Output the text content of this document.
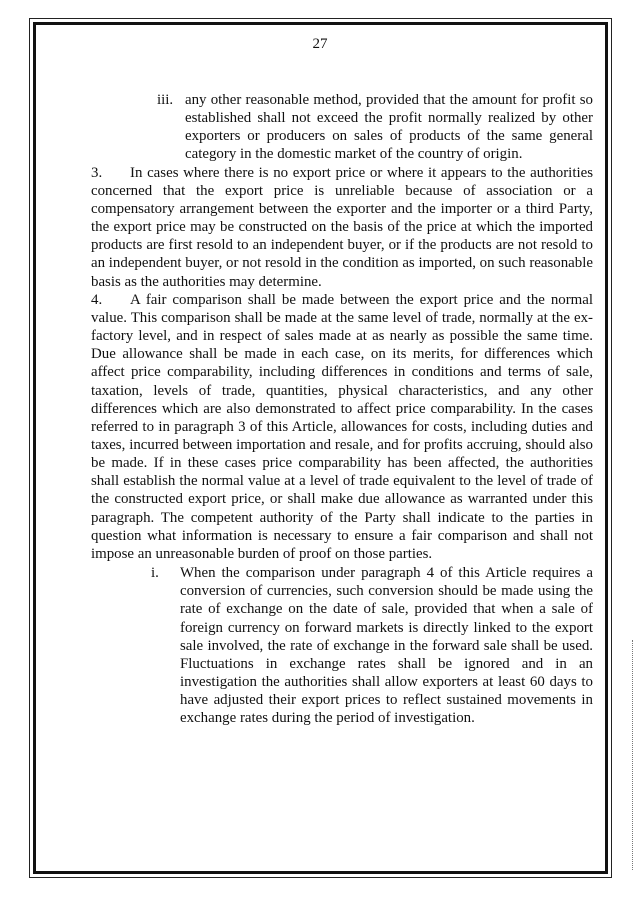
27

iii. any other reasonable method, provided that the amount for profit so established shall not exceed the profit normally realized by other exporters or producers on sales of products of the same general category in the domestic market of the country of origin.

3. In cases where there is no export price or where it appears to the authorities concerned that the export price is unreliable because of association or a compensatory arrangement between the exporter and the importer or a third Party, the export price may be constructed on the basis of the price at which the imported products are first resold to an independent buyer, or if the products are not resold to an independent buyer, or not resold in the condition as imported, on such reasonable basis as the authorities may determine.

4. A fair comparison shall be made between the export price and the normal value. This comparison shall be made at the same level of trade, normally at the ex-factory level, and in respect of sales made at as nearly as possible the same time. Due allowance shall be made in each case, on its merits, for differences which affect price comparability, including differences in conditions and terms of sale, taxation, levels of trade, quantities, physical characteristics, and any other differences which are also demonstrated to affect price comparability. In the cases referred to in paragraph 3 of this Article, allowances for costs, including duties and taxes, incurred between importation and resale, and for profits accruing, should also be made. If in these cases price comparability has been affected, the authorities shall establish the normal value at a level of trade equivalent to the level of trade of the constructed export price, or shall make due allowance as warranted under this paragraph. The competent authority of the Party shall indicate to the parties in question what information is necessary to ensure a fair comparison and shall not impose an unreasonable burden of proof on those parties.

i. When the comparison under paragraph 4 of this Article requires a conversion of currencies, such conversion should be made using the rate of exchange on the date of sale, provided that when a sale of foreign currency on forward markets is directly linked to the export sale involved, the rate of exchange in the forward sale shall be used. Fluctuations in exchange rates shall be ignored and in an investigation the authorities shall allow exporters at least 60 days to have adjusted their export prices to reflect sustained movements in exchange rates during the period of investigation.
